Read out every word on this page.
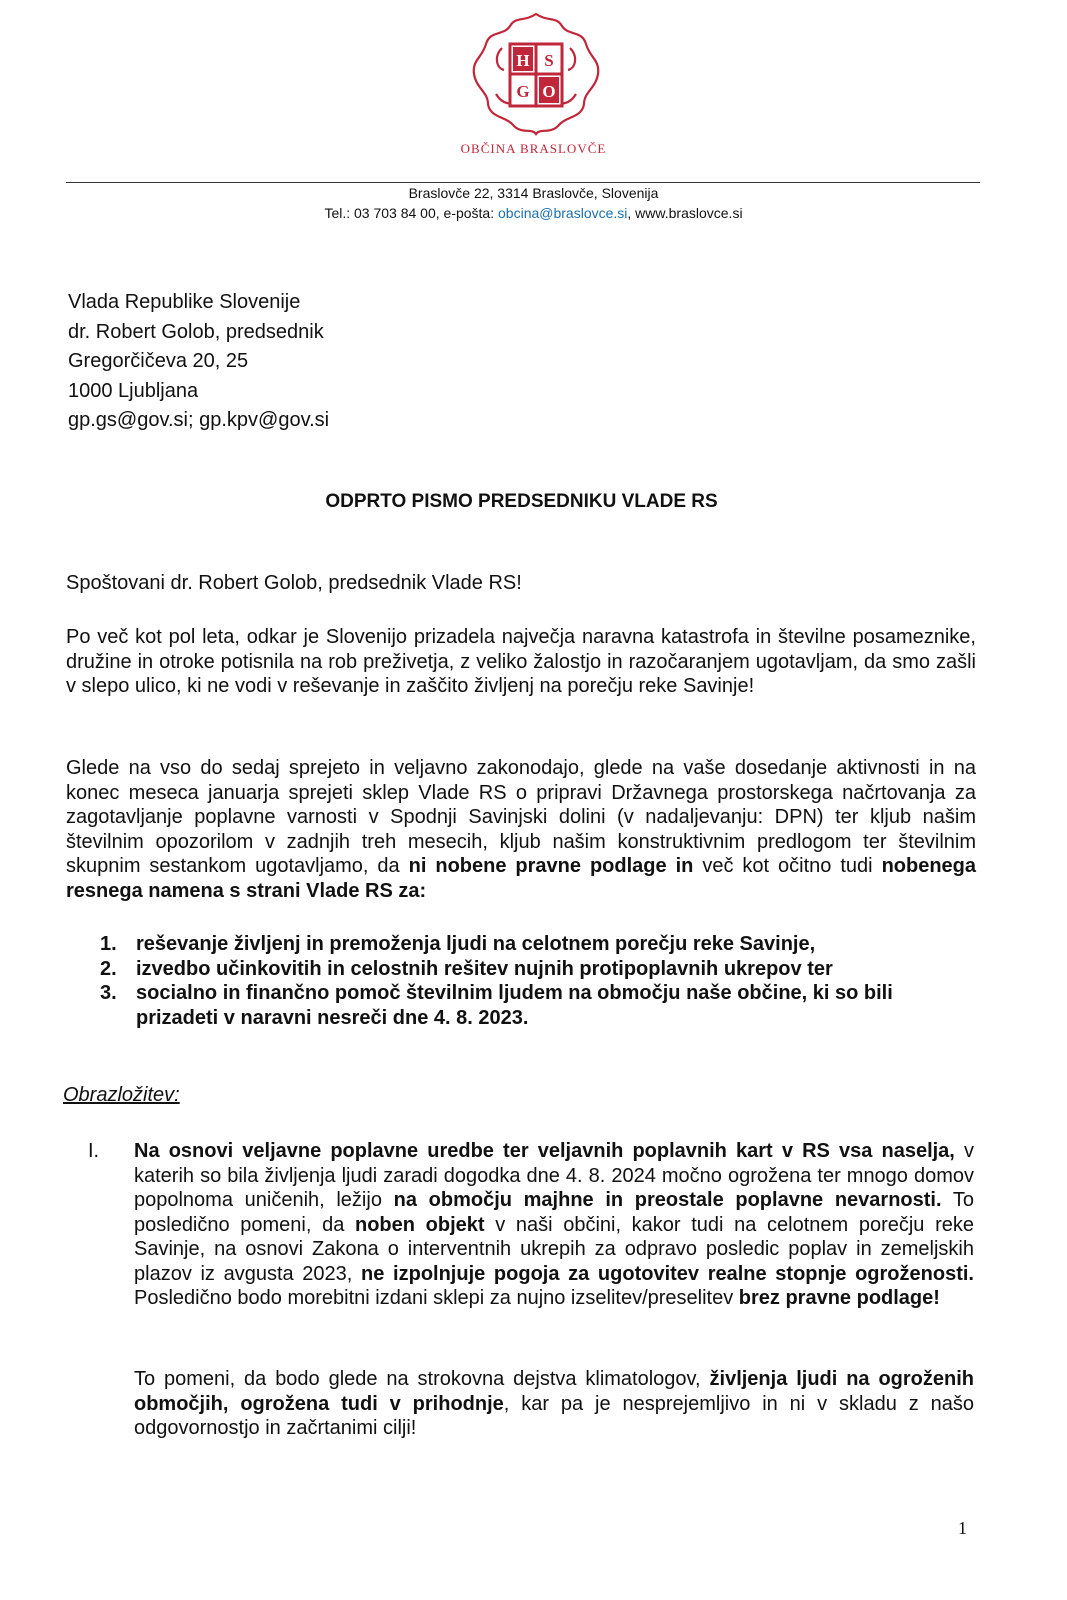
H S
G O
OBČINA BRASLOVČE
Braslovče 22, 3314 Braslovče, Slovenija
Tel.: 03 703 84 00, e-pošta: obcina@braslovce.si, www.braslovce.si
Vlada Republike Slovenije
dr. Robert Golob, predsednik
Gregorčičeva 20, 25
1000 Ljubljana
gp.gs@gov.si; gp.kpv@gov.si
ODPRTO PISMO PREDSEDNIKU VLADE RS
Spoštovani dr. Robert Golob, predsednik Vlade RS!
Po več kot pol leta, odkar je Slovenijo prizadela največja naravna katastrofa in številne posameznike, družine in otroke potisnila na rob preživetja, z veliko žalostjo in razočaranjem ugotavljam, da smo zašli v slepo ulico, ki ne vodi v reševanje in zaščito življenj na porečju reke Savinje!
Glede na vso do sedaj sprejeto in veljavno zakonodajo, glede na vaše dosedanje aktivnosti in na konec meseca januarja sprejeti sklep Vlade RS o pripravi Državnega prostorskega načrtovanja za zagotavljanje poplavne varnosti v Spodnji Savinjski dolini (v nadaljevanju: DPN) ter kljub našim številnim opozorilom v zadnjih treh mesecih, kljub našim konstruktivnim predlogom ter številnim skupnim sestankom ugotavljamo, da ni nobene pravne podlage in več kot očitno tudi nobenega resnega namena s strani Vlade RS za:
1. reševanje življenj in premoženja ljudi na celotnem porečju reke Savinje,
2. izvedbo učinkovitih in celostnih rešitev nujnih protipoplavnih ukrepov ter
3. socialno in finančno pomoč številnim ljudem na območju naše občine, ki so bili prizadeti v naravni nesreči dne 4. 8. 2023.
Obrazložitev:
I. Na osnovi veljavne poplavne uredbe ter veljavnih poplavnih kart v RS vsa naselja, v katerih so bila življenja ljudi zaradi dogodka dne 4. 8. 2024 močno ogrožena ter mnogo domov popolnoma uničenih, ležijo na območju majhne in preostale poplavne nevarnosti. To posledično pomeni, da noben objekt v naši občini, kakor tudi na celotnem porečju reke Savinje, na osnovi Zakona o interventnih ukrepih za odpravo posledic poplav in zemeljskih plazov iz avgusta 2023, ne izpolnjuje pogoja za ugotovitev realne stopnje ogroženosti. Posledično bodo morebitni izdani sklepi za nujno izselitev/preselitev brez pravne podlage!
To pomeni, da bodo glede na strokovna dejstva klimatologov, življenja ljudi na ogroženih območjih, ogrožena tudi v prihodnje, kar pa je nesprejemljivo in ni v skladu z našo odgovornostjo in začrtanimi cilji!
1
